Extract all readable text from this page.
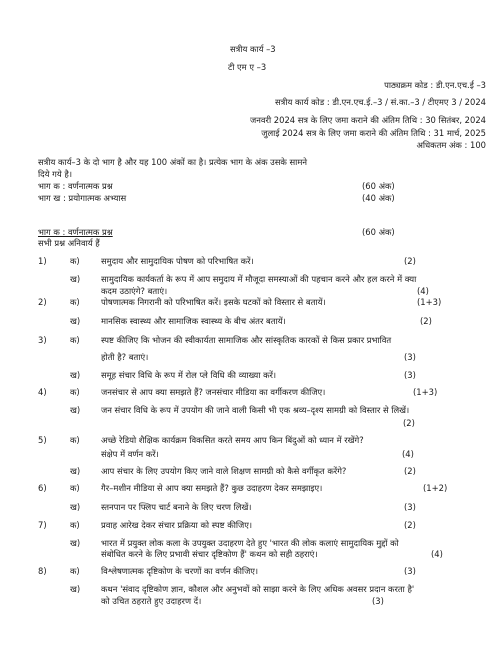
सत्रीय कार्य –3
टी एम ए –3
पाठ्यक्रम कोड : डी.एन.एच.ई –3
सत्रीय कार्य कोड : डी.एन.एच.ई.–3 / सं.का.–3 / टीएमए 3 / 2024
जनवरी 2024 सत्र के लिए जमा कराने की अंतिम तिथि : 30 सितंबर, 2024
जुलाई 2024 सत्र के लिए जमा कराने की अंतिम तिथि : 31 मार्च, 2025
अधिकतम अंक : 100
सत्रीय कार्य–3 के दो भाग है और यह 100 अंकों का है। प्रत्येक भाग के अंक उसके सामने
दिये गये है।
भाग क : वर्णनात्मक प्रश्न	(60 अंक)
भाग ख : प्रयोगात्मक अभ्यास	(40 अंक)
भाग क : वर्णनात्मक प्रश्न	(60 अंक)
सभी प्रश्न अनिवार्य हैं
1)	क)	समुदाय और सामुदायिक पोषण को परिभाषित करें।	(2)
ख) सामुदायिक कार्यकर्ता के रूप में आप समुदाय में मौजूदा समस्याओं की पहचान करने और हल करने में क्या
कदम उठाएंगे? बताएं।	(4)
2)	क)	पोषणात्मक निगरानी को परिभाषित करें। इसके घटकों को विस्तार से बतायें।	(1+3)
ख) मानसिक स्वास्थ्य और सामाजिक स्वास्थ्य के बीच अंतर बतायें।	(2)
3)	क)	स्पष्ट कीजिए कि भोजन की स्वीकार्यता सामाजिक और सांस्कृतिक कारकों से किस प्रकार प्रभावित
होती है? बताएं।	(3)
ख) समूह संचार विधि के रूप में रोल प्ले विधि की व्याख्या करें।	(3)
4)	क)	जनसंचार से आप क्या समझते हैं? जनसंचार मीडिया का वर्गीकरण कीजिए।	(1+3)
ख) जन संचार विधि के रूप में उपयोग की जाने वाली किसी भी एक श्रव्य–दृश्य सामग्री को विस्तार से लिखें।
(2)
5)	क)	अच्छे रेडियो शैक्षिक कार्यक्रम विकसित करते समय आप किन बिंदुओं को ध्यान में रखेंगे?
संक्षेप में वर्णन करें।	(4)
ख) आप संचार के लिए उपयोग किए जाने वाले शिक्षण सामग्री को कैसे वर्गीकृत करेंगे?	(2)
6)	क)	गैर–मशीन मीडिया से आप क्या समझते हैं? कुछ उदाहरण देकर समझाइए।	(1+2)
ख) स्तनपान पर फ्लिप चार्ट बनाने के लिए चरण लिखें।	(3)
7)	क)	प्रवाह आरेख देकर संचार प्रक्रिया को स्पष्ट कीजिए।	(2)
ख) भारत में प्रयुक्त लोक कला के उपयुक्त उदाहरण देते हुए 'भारत की लोक कलाएं सामुदायिक मुद्दों को
संबोधित करने के लिए प्रभावी संचार दृष्टिकोण हैं' कथन को सही ठहराएं।	(4)
8)	क)	विश्लेषणात्मक दृष्टिकोण के चरणों का वर्णन कीजिए।	(3)
ख) कथन 'संवाद दृष्टिकोण ज्ञान, कौशल और अनुभवों को साझा करने के लिए अधिक अवसर प्रदान करता है'
को उचित ठहराते हुए उदाहरण दें।	(3)
